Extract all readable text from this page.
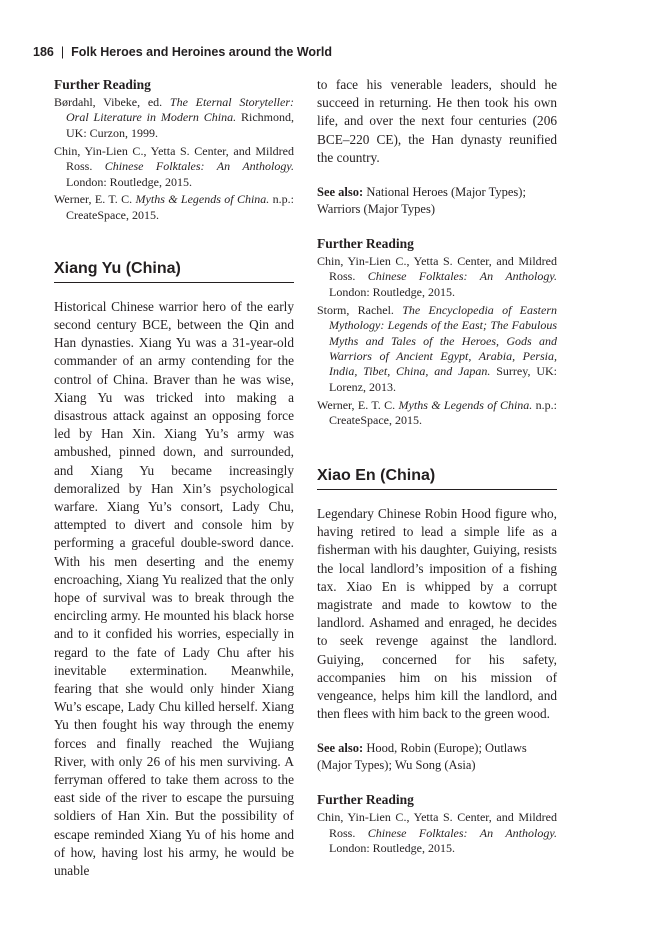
186 | Folk Heroes and Heroines around the World
Further Reading
Børdahl, Vibeke, ed. The Eternal Storyteller: Oral Literature in Modern China. Richmond, UK: Curzon, 1999.
Chin, Yin-Lien C., Yetta S. Center, and Mildred Ross. Chinese Folktales: An Anthology. London: Routledge, 2015.
Werner, E. T. C. Myths & Legends of China. n.p.: CreateSpace, 2015.
Xiang Yu (China)

Historical Chinese warrior hero of the early second century BCE, between the Qin and Han dynasties. Xiang Yu was a 31-year-old commander of an army contending for the control of China. Braver than he was wise, Xiang Yu was tricked into making a disastrous attack against an opposing force led by Han Xin. Xiang Yu’s army was ambushed, pinned down, and surrounded, and Xiang Yu became increasingly demoralized by Han Xin’s psychological warfare. Xiang Yu’s consort, Lady Chu, attempted to divert and console him by performing a graceful double-sword dance. With his men deserting and the enemy encroaching, Xiang Yu realized that the only hope of survival was to break through the encircling army. He mounted his black horse and to it confided his worries, especially in regard to the fate of Lady Chu after his inevitable extermination. Meanwhile, fearing that she would only hinder Xiang Wu’s escape, Lady Chu killed herself. Xiang Yu then fought his way through the enemy forces and finally reached the Wujiang River, with only 26 of his men surviving. A ferryman offered to take them across to the east side of the river to escape the pursuing soldiers of Han Xin. But the possibility of escape reminded Xiang Yu of his home and of how, having lost his army, he would be unable

to face his venerable leaders, should he succeed in returning. He then took his own life, and over the next four centuries (206 BCE–220 CE), the Han dynasty reunified the country.

See also: National Heroes (Major Types); Warriors (Major Types)

Further Reading
Chin, Yin-Lien C., Yetta S. Center, and Mildred Ross. Chinese Folktales: An Anthology. London: Routledge, 2015.
Storm, Rachel. The Encyclopedia of Eastern Mythology: Legends of the East; The Fabulous Myths and Tales of the Heroes, Gods and Warriors of Ancient Egypt, Arabia, Persia, India, Tibet, China, and Japan. Surrey, UK: Lorenz, 2013.
Werner, E. T. C. Myths & Legends of China. n.p.: CreateSpace, 2015.
Xiao En (China)

Legendary Chinese Robin Hood figure who, having retired to lead a simple life as a fisherman with his daughter, Guiying, resists the local landlord’s imposition of a fishing tax. Xiao En is whipped by a corrupt magistrate and made to kowtow to the landlord. Ashamed and enraged, he decides to seek revenge against the landlord. Guiying, concerned for his safety, accompanies him on his mission of vengeance, helps him kill the landlord, and then flees with him back to the green wood.

See also: Hood, Robin (Europe); Outlaws (Major Types); Wu Song (Asia)

Further Reading
Chin, Yin-Lien C., Yetta S. Center, and Mildred Ross. Chinese Folktales: An Anthology. London: Routledge, 2015.
